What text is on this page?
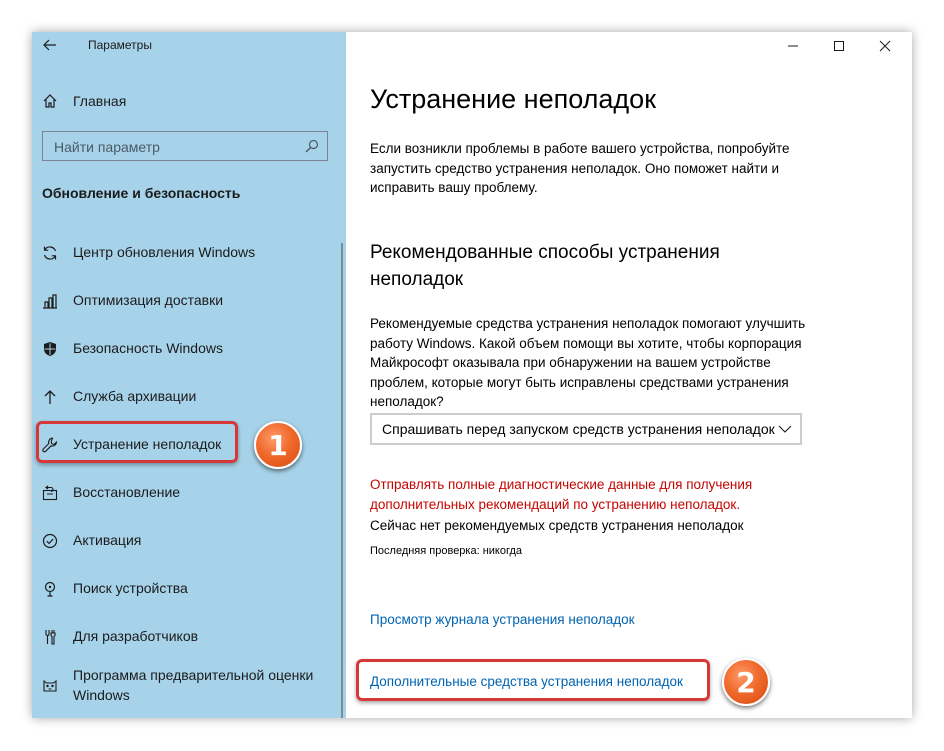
Параметры
Главная
Найти параметр
Обновление и безопасность
Центр обновления Windows
Оптимизация доставки
Безопасность Windows
Служба архивации
Устранение неполадок
Восстановление
Активация
Поиск устройства
Для разработчиков
Программа предварительной оценки Windows
1
Устранение неполадок
Если возникли проблемы в работе вашего устройства, попробуйте запустить средство устранения неполадок. Оно поможет найти и исправить вашу проблему.
Рекомендованные способы устранения неполадок
Рекомендуемые средства устранения неполадок помогают улучшить работу Windows. Какой объем помощи вы хотите, чтобы корпорация Майкрософт оказывала при обнаружении на вашем устройстве проблем, которые могут быть исправлены средствами устранения неполадок?
Спрашивать перед запуском средств устранения неполадок
Отправлять полные диагностические данные для получения дополнительных рекомендаций по устранению неполадок.
Сейчас нет рекомендуемых средств устранения неполадок
Последняя проверка: никогда
Просмотр журнала устранения неполадок
Дополнительные средства устранения неполадок	2
